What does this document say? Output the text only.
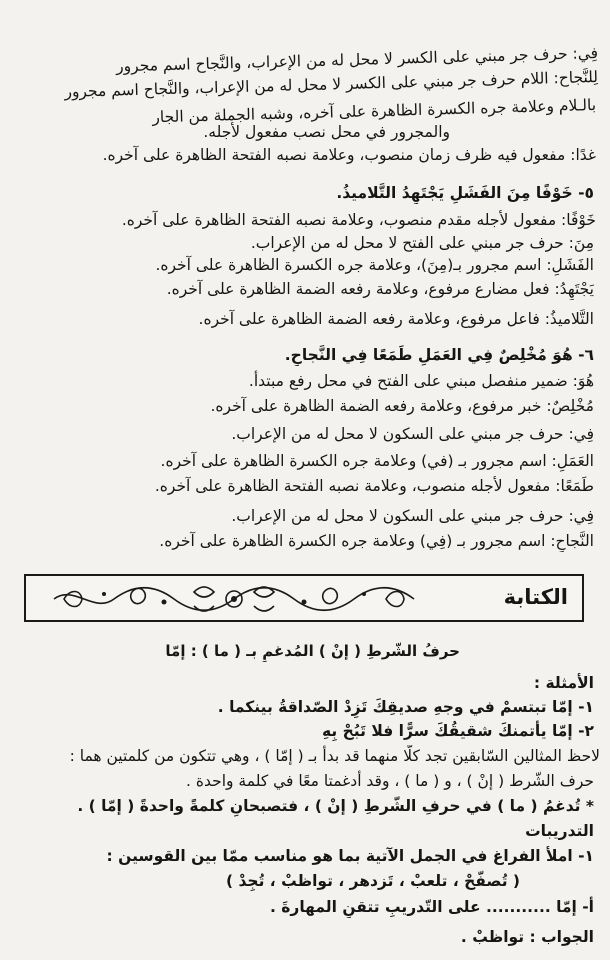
فِي: حرف جر مبني على الكسر لا محل له من الإعراب، والنَّجاح اسم مجرور
لِلنَّجاح: اللام حرف جر مبني على الكسر لا محل له من الإعراب، والنَّجاح اسم مجرور
بالـلام وعلامة جره الكسرة الظاهرة على آخره، وشبه الجملة من الجار
والمجرور في محل نصب مفعول لأجله.
غدًا: مفعول فيه ظرف زمان منصوب، وعلامة نصبه الفتحة الظاهرة على آخره.
٥- خَوْفًا مِنَ الفَشَلِ يَجْتَهِدُ التَّلاميذُ.
خَوْفًا: مفعول لأجله مقدم منصوب، وعلامة نصبه الفتحة الظاهرة على آخره.
مِنَ: حرف جر مبني على الفتح لا محل له من الإعراب.
الفَشَلِ: اسم مجرور بـ(مِنَ)، وعلامة جره الكسرة الظاهرة على آخره.
يَجْتَهِدُ: فعل مضارع مرفوع، وعلامة رفعه الضمة الظاهرة على آخره.
التَّلاميذُ: فاعل مرفوع، وعلامة رفعه الضمة الظاهرة على آخره.
٦- هُوَ مُخْلِصٌ فِي العَمَلِ طَمَعًا فِي النَّجاحِ.
هُوَ: ضمير منفصل مبني على الفتح في محل رفع مبتدأ.
مُخْلِصٌ: خبر مرفوع، وعلامة رفعه الضمة الظاهرة على آخره.
فِي: حرف جر مبني على السكون لا محل له من الإعراب.
العَمَلِ: اسم مجرور بـ (في) وعلامة جره الكسرة الظاهرة على آخره.
طَمَعًا: مفعول لأجله منصوب، وعلامة نصبه الفتحة الظاهرة على آخره.
فِي: حرف جر مبني على السكون لا محل له من الإعراب.
النَّجاحِ: اسم مجرور بـ (فِي) وعلامة جره الكسرة الظاهرة على آخره.
الكتابة
حرفُ الشّرطِ ( إنْ ) المُدغمِ بـ ( ما ) : إمّا
الأمثلة :
١- إمّا تبتسمْ في وجهِ صديقِكَ تَزِدْ الصّداقةُ بينكما .
٢- إمّا يأتمنكَ شقيقُكَ سرًّا فلا تَبُحْ بِهِ
لاحظ المثالين السّابقين تجد كلًّا منهما قد بدأ بـ ( إمّا ) ، وهي تتكون من كلمتين هما :
حرف الشّرط ( إنْ ) ، و ( ما ) ، وقد أدغمتا معًا في كلمة واحدة .
* تُدغمُ ( ما ) في حرفِ الشّرطِ ( إنْ ) ، فتصبحانِ كلمةً واحدةً ( إمّا ) .
التدريبات
١- املأ الفراغ في الجمل الآتية بما هو مناسب ممّا بين القوسين :
( تُصفّحْ ، تلعبْ ، تَزدهر ، تواظبْ ، تُجِدْ )
أ- إمّا ........... على التّدريبِ تتقنِ المهارةَ .
الجواب : تواظبْ .
